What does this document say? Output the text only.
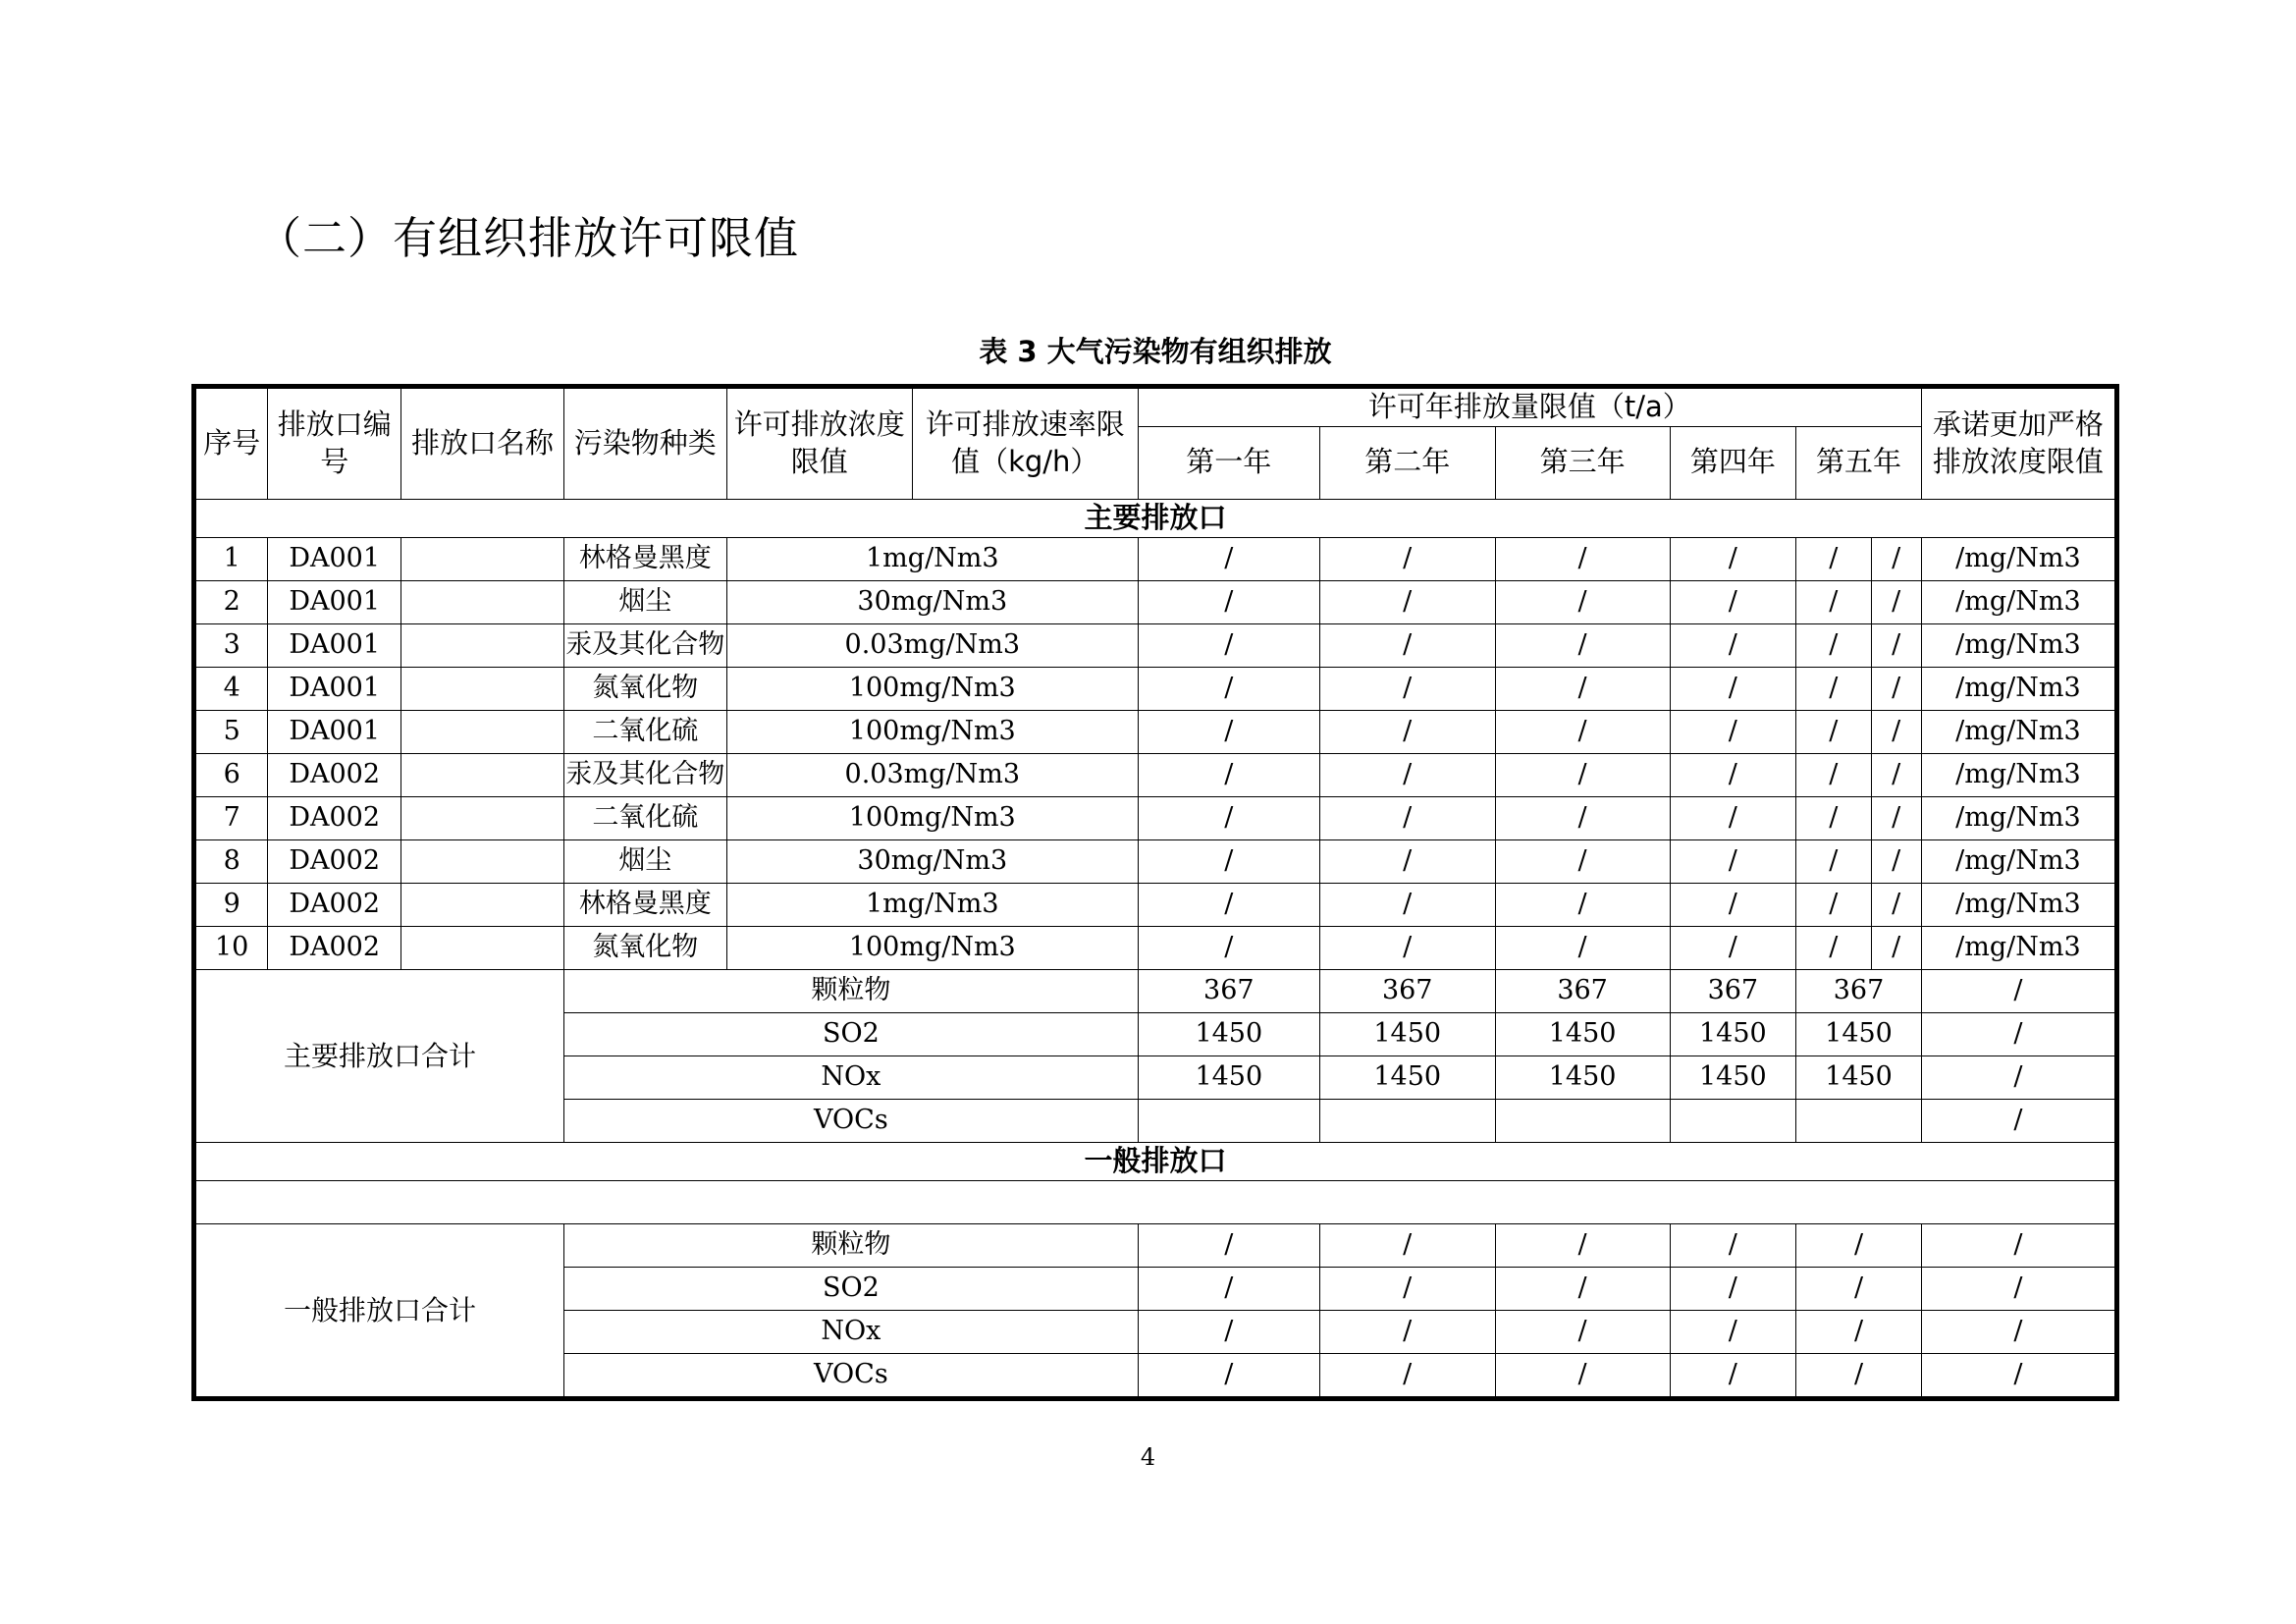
（二）有组织排放许可限值
表 3 大气污染物有组织排放
序号	排放口编号	排放口名称	污染物种类	许可排放浓度限值	许可排放速率限值（kg/h）	许可年排放量限值（t/a）						承诺更加严格排放浓度限值
						第一年	第二年	第三年	第四年	第五年		
主要排放口												
1	DA001		林格曼黑度	1mg/Nm3		/	/	/	/	/	/	/mg/Nm3
2	DA001		烟尘	30mg/Nm3		/	/	/	/	/	/	/mg/Nm3
3	DA001		汞及其化合物	0.03mg/Nm3		/	/	/	/	/	/	/mg/Nm3
4	DA001		氮氧化物	100mg/Nm3		/	/	/	/	/	/	/mg/Nm3
5	DA001		二氧化硫	100mg/Nm3		/	/	/	/	/	/	/mg/Nm3
6	DA002		汞及其化合物	0.03mg/Nm3		/	/	/	/	/	/	/mg/Nm3
7	DA002		二氧化硫	100mg/Nm3		/	/	/	/	/	/	/mg/Nm3
8	DA002		烟尘	30mg/Nm3		/	/	/	/	/	/	/mg/Nm3
9	DA002		林格曼黑度	1mg/Nm3		/	/	/	/	/	/	/mg/Nm3
10	DA002		氮氧化物	100mg/Nm3		/	/	/	/	/	/	/mg/Nm3
主要排放口合计			颗粒物			367	367	367	367	367		/
			SO2			1450	1450	1450	1450	1450		/
			NOx			1450	1450	1450	1450	1450		/
			VOCs									/
一般排放口												

一般排放口合计			颗粒物			/	/	/	/	/		/
			SO2			/	/	/	/	/		/
			NOx			/	/	/	/	/		/
			VOCs			/	/	/	/	/		/
4
